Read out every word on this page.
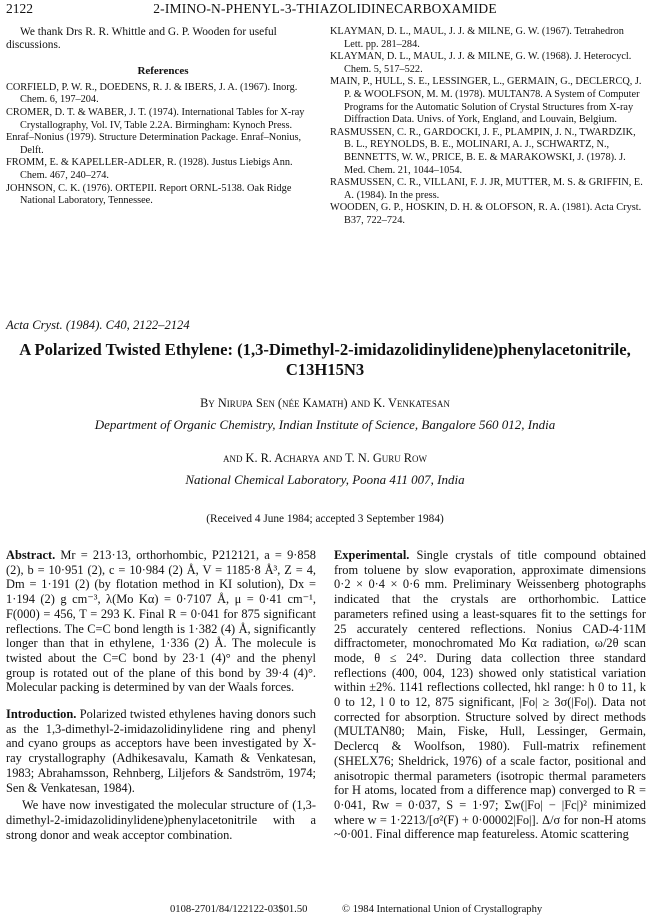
2122	2-IMINO-N-PHENYL-3-THIAZOLIDINECARBOXAMIDE

We thank Drs R. R. Whittle and G. P. Wooden for useful discussions.

References

CORFIELD, P. W. R., DOEDENS, R. J. & IBERS, J. A. (1967). Inorg. Chem. 6, 197–204.

CROMER, D. T. & WABER, J. T. (1974). International Tables for X-ray Crystallography, Vol. IV, Table 2.2A. Birmingham: Kynoch Press.

Enraf–Nonius (1979). Structure Determination Package. Enraf–Nonius, Delft.

FROMM, E. & KAPELLER-ADLER, R. (1928). Justus Liebigs Ann. Chem. 467, 240–274.

JOHNSON, C. K. (1976). ORTEPII. Report ORNL-5138. Oak Ridge National Laboratory, Tennessee.

KLAYMAN, D. L., MAUL, J. J. & MILNE, G. W. (1967). Tetrahedron Lett. pp. 281–284.

KLAYMAN, D. L., MAUL, J. J. & MILNE, G. W. (1968). J. Heterocycl. Chem. 5, 517–522.

MAIN, P., HULL, S. E., LESSINGER, L., GERMAIN, G., DECLERCQ, J. P. & WOOLFSON, M. M. (1978). MULTAN78. A System of Computer Programs for the Automatic Solution of Crystal Structures from X-ray Diffraction Data. Univs. of York, England, and Louvain, Belgium.

RASMUSSEN, C. R., GARDOCKI, J. F., PLAMPIN, J. N., TWARDZIK, B. L., REYNOLDS, B. E., MOLINARI, A. J., SCHWARTZ, N., BENNETTS, W. W., PRICE, B. E. & MARAKOWSKI, J. (1978). J. Med. Chem. 21, 1044–1054.

RASMUSSEN, C. R., VILLANI, F. J. JR, MUTTER, M. S. & GRIFFIN, E. A. (1984). In the press.

WOODEN, G. P., HOSKIN, D. H. & OLOFSON, R. A. (1981). Acta Cryst. B37, 722–724.

Acta Cryst. (1984). C40, 2122–2124
A Polarized Twisted Ethylene: (1,3-Dimethyl-2-imidazolidinylidene)phenylacetonitrile,
C13H15N3
By Nirupa Sen (née Kamath) and K. Venkatesan
Department of Organic Chemistry, Indian Institute of Science, Bangalore 560 012, India
and K. R. Acharya and T. N. Guru Row
National Chemical Laboratory, Poona 411 007, India
(Received 4 June 1984; accepted 3 September 1984)

Abstract. Mr = 213·13, orthorhombic, P212121, a = 9·858 (2), b = 10·951 (2), c = 10·984 (2) Å, V = 1185·8 Å³, Z = 4, Dm = 1·191 (2) (by flotation method in KI solution), Dx = 1·194 (2) g cm⁻³, λ(Mo Kα) = 0·7107 Å, μ = 0·41 cm⁻¹, F(000) = 456, T = 293 K. Final R = 0·041 for 875 significant reflections. The C=C bond length is 1·382 (4) Å, significantly longer than that in ethylene, 1·336 (2) Å. The molecule is twisted about the C=C bond by 23·1 (4)° and the phenyl group is rotated out of the plane of this bond by 39·4 (4)°. Molecular packing is determined by van der Waals forces.

Introduction. Polarized twisted ethylenes having donors such as the 1,3-dimethyl-2-imidazolidinylidene ring and phenyl and cyano groups as acceptors have been investigated by X-ray crystallography (Adhikesavalu, Kamath & Venkatesan, 1983; Abrahamsson, Rehnberg, Liljefors & Sandström, 1974; Sen & Venkatesan, 1984).

We have now investigated the molecular structure of (1,3-dimethyl-2-imidazolidinylidene)phenylacetonitrile with a strong donor and weak acceptor combination.

Experimental. Single crystals of title compound obtained from toluene by slow evaporation, approximate dimensions 0·2 × 0·4 × 0·6 mm. Preliminary Weissenberg photographs indicated that the crystals are orthorhombic. Lattice parameters refined using a least-squares fit to the settings for 25 accurately centered reflections. Nonius CAD-4·11M diffractometer, monochromated Mo Kα radiation, ω/2θ scan mode, θ ≤ 24°. During data collection three standard reflections (400, 004, 123) showed only statistical variation within ±2%. 1141 reflections collected, hkl range: h 0 to 11, k 0 to 12, l 0 to 12, 875 significant, |Fo| ≥ 3σ(|Fo|). Data not corrected for absorption. Structure solved by direct methods (MULTAN80; Main, Fiske, Hull, Lessinger, Germain, Declercq & Woolfson, 1980). Full-matrix refinement (SHELX76; Sheldrick, 1976) of a scale factor, positional and anisotropic thermal parameters (isotropic thermal parameters for H atoms, located from a difference map) converged to R = 0·041, Rw = 0·037, S = 1·97; Σw(|Fo| − |Fc|)² minimized where w = 1·2213/[σ²(F) + 0·00002|Fo|]. Δ/σ for non-H atoms ~0·001. Final difference map featureless. Atomic scattering

0108-2701/84/122122-03$01.50	© 1984 International Union of Crystallography
